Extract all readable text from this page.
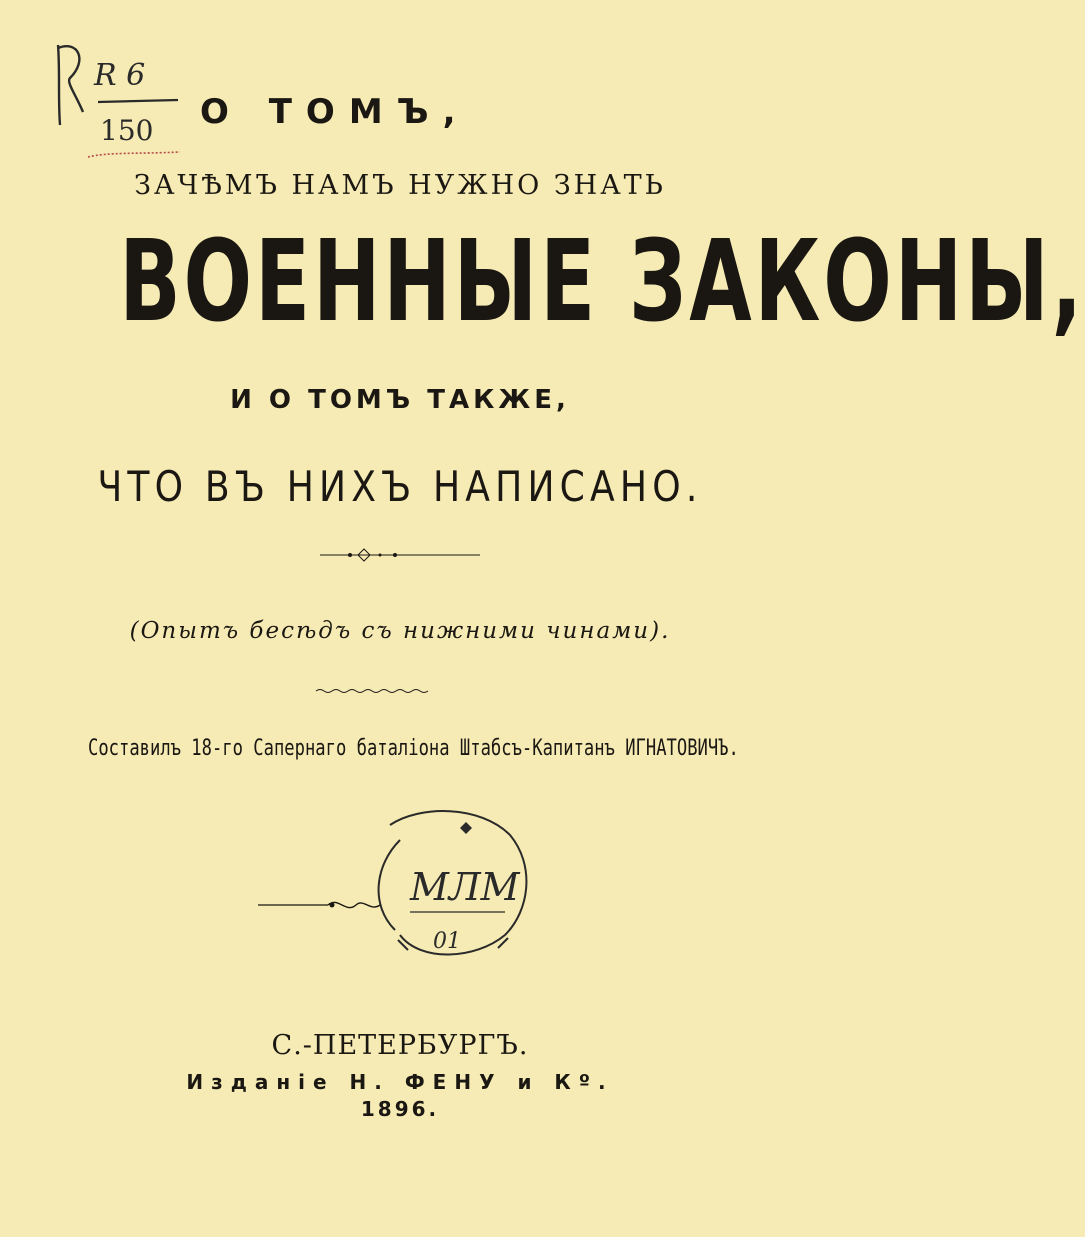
R 6
150 О ТОМЪ,
ЗАЧѢМЪ НАМЪ НУЖНО ЗНАТЬ
ВОЕННЫЕ ЗАКОНЫ,
И О ТОМЪ ТАКЖЕ,
ЧТО ВЪ НИХЪ НАПИСАНО.
(Опытъ бесѣдъ съ нижними чинами).
Составилъ 18-го Сапернаго баталіона Штабсъ-Капитанъ ИГНАТОВИЧЪ.
МЛМ
01
С.-ПЕТЕРБУРГЪ.
Изданіе Н. ФЕНУ и Кº.
1896.
